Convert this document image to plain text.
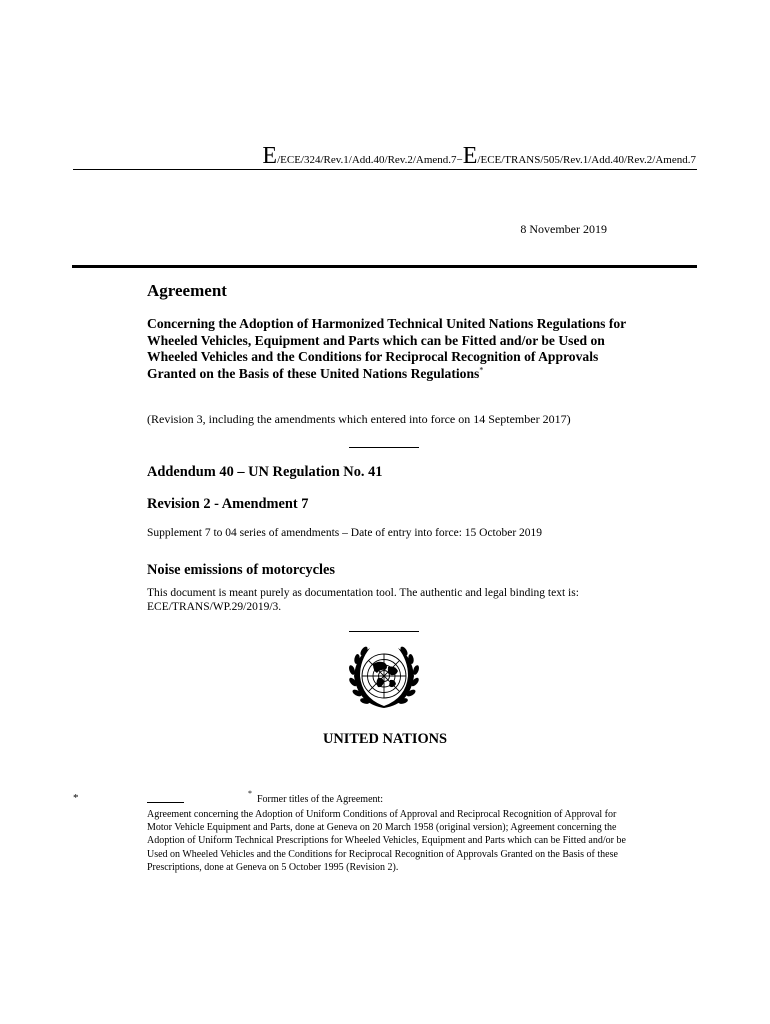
E/ECE/324/Rev.1/Add.40/Rev.2/Amend.7−E/ECE/TRANS/505/Rev.1/Add.40/Rev.2/Amend.7
8 November 2019
Agreement
Concerning the Adoption of Harmonized Technical United Nations Regulations for Wheeled Vehicles, Equipment and Parts which can be Fitted and/or be Used on Wheeled Vehicles and the Conditions for Reciprocal Recognition of Approvals Granted on the Basis of these United Nations Regulations*
(Revision 3, including the amendments which entered into force on 14 September 2017)
Addendum 40 – UN Regulation No. 41
Revision 2 - Amendment 7
Supplement 7 to 04 series of amendments – Date of entry into force: 15 October 2019
Noise emissions of motorcycles
This document is meant purely as documentation tool. The authentic and legal binding text is: ECE/TRANS/WP.29/2019/3.
UNITED NATIONS
*	*
Former titles of the Agreement:
Agreement concerning the Adoption of Uniform Conditions of Approval and Reciprocal Recognition of Approval for Motor Vehicle Equipment and Parts, done at Geneva on 20 March 1958 (original version); Agreement concerning the Adoption of Uniform Technical Prescriptions for Wheeled Vehicles, Equipment and Parts which can be Fitted and/or be Used on Wheeled Vehicles and the Conditions for Reciprocal Recognition of Approvals Granted on the Basis of these Prescriptions, done at Geneva on 5 October 1995 (Revision 2).
